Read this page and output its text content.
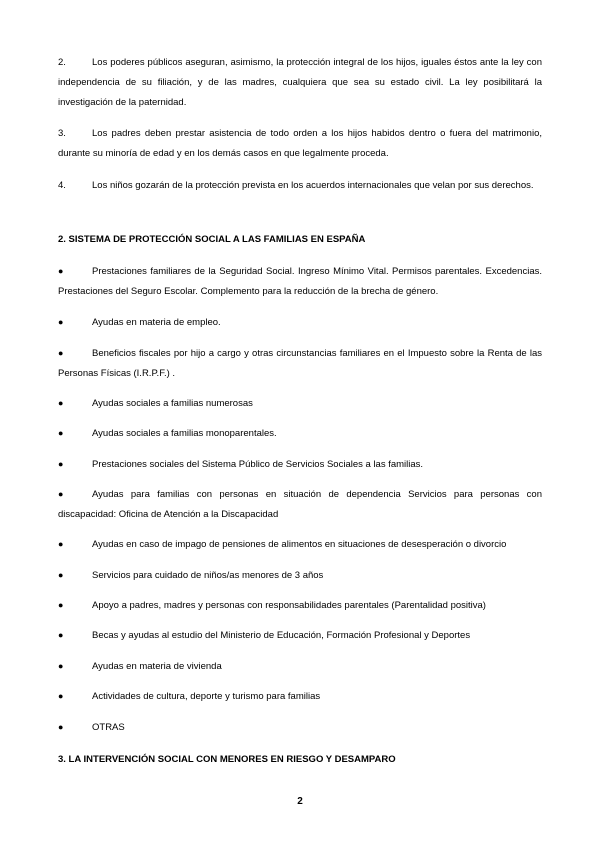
2.	Los poderes públicos aseguran, asimismo, la protección integral de los hijos, iguales éstos ante la ley con independencia de su filiación, y de las madres, cualquiera que sea su estado civil. La ley posibilitará la investigación de la paternidad.
3.	Los padres deben prestar asistencia de todo orden a los hijos habidos dentro o fuera del matrimonio, durante su minoría de edad y en los demás casos en que legalmente proceda.
4.	Los niños gozarán de la protección prevista en los acuerdos internacionales que velan por sus derechos.
2. SISTEMA DE PROTECCIÓN SOCIAL A LAS FAMILIAS EN ESPAÑA
●	Prestaciones familiares de la Seguridad Social. Ingreso Mínimo Vital. Permisos parentales. Excedencias. Prestaciones del Seguro Escolar. Complemento para la reducción de la brecha de género.
●	Ayudas en materia de empleo.
●	Beneficios fiscales por hijo a cargo y otras circunstancias familiares en el Impuesto sobre la Renta de las Personas Físicas (I.R.P.F.) .
●	Ayudas sociales a familias numerosas
●	Ayudas sociales a familias monoparentales.
●	Prestaciones sociales del Sistema Público de Servicios Sociales a las familias.
●	Ayudas para familias con personas en situación de dependencia Servicios para personas con discapacidad: Oficina de Atención a la Discapacidad
●	Ayudas en caso de impago de pensiones de alimentos en situaciones de desesperación o divorcio
●	Servicios para cuidado de niños/as menores de 3 años
●	Apoyo a padres, madres y personas con responsabilidades parentales (Parentalidad positiva)
●	Becas y ayudas al estudio del Ministerio de Educación, Formación Profesional y Deportes
●	Ayudas en materia de vivienda
●	Actividades de cultura, deporte y turismo para familias
●	OTRAS
3. LA INTERVENCIÓN SOCIAL CON MENORES EN RIESGO Y DESAMPARO
2
